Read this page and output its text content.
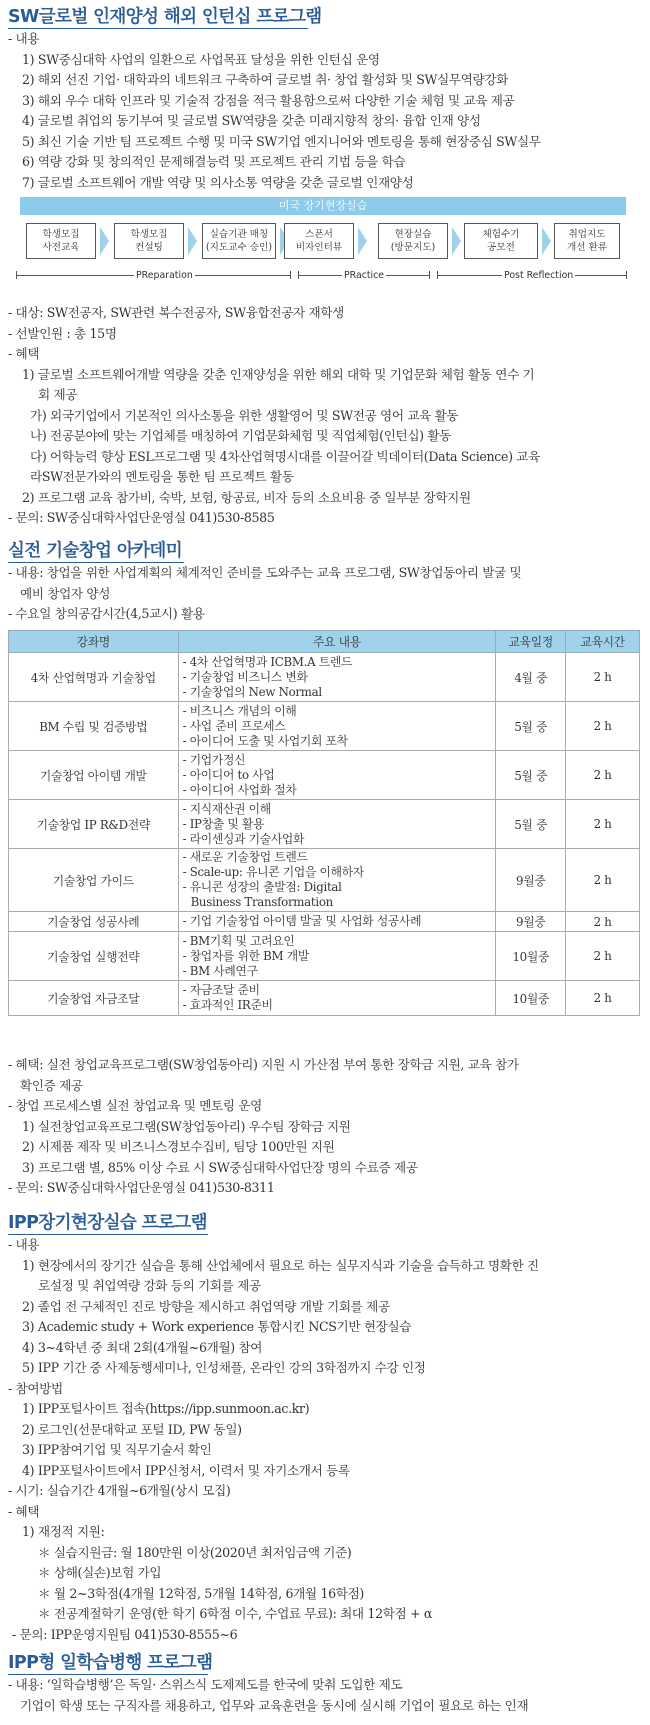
SW글로벌 인재양성 해외 인턴십 프로그램
- 내용
1) SW중심대학 사업의 일환으로 사업목표 달성을 위한 인턴십 운영
2) 해외 선진 기업· 대학과의 네트워크 구축하여 글로벌 취· 창업 활성화 및 SW실무역량강화
3) 해외 우수 대학 인프라 및 기술적 강점을 적극 활용함으로써 다양한 기술 체험 및 교육 제공
4) 글로벌 취업의 동기부여 및 글로벌 SW역량을 갖춘 미래지향적 창의· 융합 인재 양성
5) 최신 기술 기반 팀 프로젝트 수행 및 미국 SW기업 엔지니어와 멘토링을 통해 현장중심 SW실무
6) 역량 강화 및 창의적인 문제해결능력 및 프로젝트 관리 기법 등을 학습
7) 글로벌 소프트웨어 개발 역량 및 의사소통 역량을 갖춘 글로벌 인재양성
미국 장기현장실습
학생모집
사전교육
학생모집
컨설팅
실습기관 매칭
(지도교수 승인)
스폰서
비자인터뷰
현장실습
(방문지도)
체험수기
공모전
취업지도
개선 환류
PReparation	PRactice	Post Reflection
- 대상: SW전공자, SW관련 복수전공자, SW융합전공자 재학생
- 선발인원 : 총 15명
- 혜택
1) 글로벌 소프트웨어개발 역량을 갖춘 인재양성을 위한 해외 대학 및 기업문화 체험 활동 연수 기
회 제공
가) 외국기업에서 기본적인 의사소통을 위한 생활영어 및 SW전공 영어 교육 활동
나) 전공분야에 맞는 기업체를 매칭하여 기업문화체험 및 직업체험(인턴십) 활동
다) 어학능력 향상 ESL프로그램 및 4차산업혁명시대를 이끌어갈 빅데이터(Data Science) 교육
라SW전문가와의 멘토링을 통한 팀 프로젝트 활동
2) 프로그램 교육 참가비, 숙박, 보험, 항공료, 비자 등의 소요비용 중 일부분 장학지원
- 문의: SW중심대학사업단운영실 041)530-8585
실전 기술창업 아카데미
- 내용: 창업을 위한 사업계획의 체계적인 준비를 도와주는 교육 프로그램, SW창업동아리 발굴 및
예비 창업자 양성
- 수요일 창의공감시간(4,5교시) 활용
강좌명	주요 내용	교육일정	교육시간
4차 산업혁명과 기술창업	- 4차 산업혁명과 ICBM.A 트렌드
- 기술창업 비즈니스 변화
- 기술창업의 New Normal	4월 중	2 h
BM 수립 및 검증방법	- 비즈니스 개념의 이해
- 사업 준비 프로세스
- 아이디어 도출 및 사업기회 포착	5월 중	2 h
기술창업 아이템 개발	- 기업가정신
- 아이디어 to 사업
- 아이디어 사업화 절차	5월 중	2 h
기술창업 IP R&D전략	- 지식재산권 이해
- IP창출 및 활용
- 라이센싱과 기술사업화	5월 중	2 h
기술창업 가이드	- 새로운 기술창업 트렌드
- Scale-up: 유니콘 기업을 이해하자
- 유니콘 성장의 출발점: Digital
Business Transformation	9월중	2 h
기술창업 성공사례	- 기업 기술창업 아이템 발굴 및 사업화 성공사례	9월중	2 h
기술창업 실행전략	- BM기획 및 고려요인
- 창업자를 위한 BM 개발
- BM 사례연구	10월중	2 h
기술창업 자금조달	- 자금조달 준비
- 효과적인 IR준비	10월중	2 h
- 혜택: 실전 창업교육프로그램(SW창업동아리) 지원 시 가산점 부여 통한 장학금 지원, 교육 참가
확인증 제공
- 창업 프로세스별 실전 창업교육 및 멘토링 운영
1) 실전창업교육프로그램(SW창업동아리) 우수팀 장학금 지원
2) 시제품 제작 및 비즈니스경보수집비, 팀당 100만원 지원
3) 프로그램 별, 85% 이상 수료 시 SW중심대학사업단장 명의 수료증 제공
- 문의: SW중심대학사업단운영실 041)530-8311
IPP장기현장실습 프로그램
- 내용
1) 현장에서의 장기간 실습을 통해 산업체에서 필요로 하는 실무지식과 기술을 습득하고 명확한 진
로설정 및 취업역량 강화 등의 기회를 제공
2) 졸업 전 구체적인 진로 방향을 제시하고 취업역량 개발 기회를 제공
3) Academic study + Work experience 통합시킨 NCS기반 현장실습
4) 3~4학년 중 최대 2회(4개월~6개월) 참여
5) IPP 기간 중 사제동행세미나, 인성채플, 온라인 강의 3학점까지 수강 인정
- 참여방법
1) IPP포털사이트 접속(https://ipp.sunmoon.ac.kr)
2) 로그인(선문대학교 포털 ID, PW 동일)
3) IPP참여기업 및 직무기술서 확인
4) IPP포털사이트에서 IPP신청서, 이력서 및 자기소개서 등록
- 시기: 실습기간 4개월~6개월(상시 모집)
- 혜택
1) 재정적 지원:
＊ 실습지원금: 월 180만원 이상(2020년 최저임금액 기준)
＊ 상해(실손)보험 가입
＊ 월 2~3학점(4개월 12학점, 5개월 14학점, 6개월 16학점)
＊ 전공계절학기 운영(한 학기 6학점 이수, 수업료 무료): 최대 12학점 + α
- 문의: IPP운영지원팀 041)530-8555~6
IPP형 일학습병행 프로그램
- 내용: ‘일학습병행’은 독일· 스위스식 도제제도를 한국에 맞춰 도입한 제도
기업이 학생 또는 구직자를 채용하고, 업무와 교육훈련을 동시에 실시해 기업이 필요로 하는 인재
